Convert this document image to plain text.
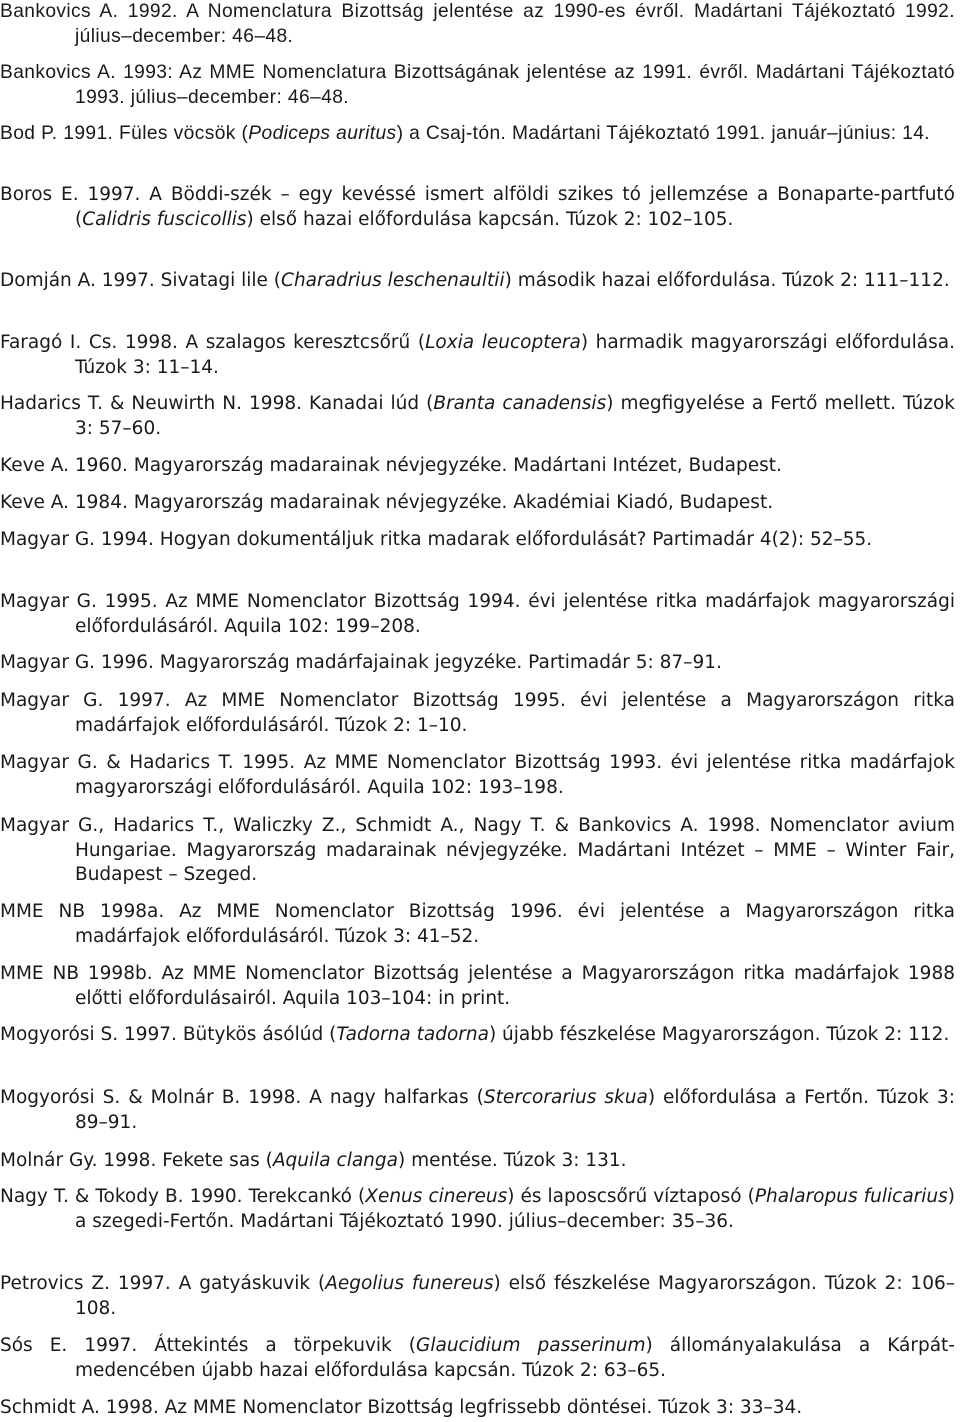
Bankovics A. 1992. A Nomenclatura Bizottság jelentése az 1990-es évről. Madártani Tájékoztató 1992. július–december: 46–48.

Bankovics A. 1993: Az MME Nomenclatura Bizottságának jelentése az 1991. évről. Madártani Tájékoztató 1993. július–december: 46–48.

Bod P. 1991. Füles vöcsök (Podiceps auritus) a Csaj-tón. Madártani Tájékoztató 1991. január–június: 14.

Boros E. 1997. A Böddi-szék – egy kevéssé ismert alföldi szikes tó jellemzése a Bonaparte-partfutó (Calidris fuscicollis) első hazai előfordulása kapcsán. Túzok 2: 102–105.

Domján A. 1997. Sivatagi lile (Charadrius leschenaultii) második hazai előfordulása. Túzok 2: 111–112.

Faragó I. Cs. 1998. A szalagos keresztcsőrű (Loxia leucoptera) harmadik magyarországi előfordulása. Túzok 3: 11–14.

Hadarics T. & Neuwirth N. 1998. Kanadai lúd (Branta canadensis) megfigyelése a Fertő mellett. Túzok 3: 57–60.

Keve A. 1960. Magyarország madarainak névjegyzéke. Madártani Intézet, Budapest.

Keve A. 1984. Magyarország madarainak névjegyzéke. Akadémiai Kiadó, Budapest.

Magyar G. 1994. Hogyan dokumentáljuk ritka madarak előfordulását? Partimadár 4(2): 52–55.

Magyar G. 1995. Az MME Nomenclator Bizottság 1994. évi jelentése ritka madárfajok magyarországi előfordulásáról. Aquila 102: 199–208.

Magyar G. 1996. Magyarország madárfajainak jegyzéke. Partimadár 5: 87–91.

Magyar G. 1997. Az MME Nomenclator Bizottság 1995. évi jelentése a Magyarországon ritka madárfajok előfordulásáról. Túzok 2: 1–10.

Magyar G. & Hadarics T. 1995. Az MME Nomenclator Bizottság 1993. évi jelentése ritka madárfajok magyarországi előfordulásáról. Aquila 102: 193–198.

Magyar G., Hadarics T., Waliczky Z., Schmidt A., Nagy T. & Bankovics A. 1998. Nomenclator avium Hungariae. Magyarország madarainak névjegyzéke. Madártani Intézet – MME – Winter Fair, Budapest – Szeged.

MME NB 1998a. Az MME Nomenclator Bizottság 1996. évi jelentése a Magyarországon ritka madárfajok előfordulásáról. Túzok 3: 41–52.

MME NB 1998b. Az MME Nomenclator Bizottság jelentése a Magyarországon ritka madárfajok 1988 előtti előfordulásairól. Aquila 103–104: in print.

Mogyorósi S. 1997. Bütykös ásólúd (Tadorna tadorna) újabb fészkelése Magyarországon. Túzok 2: 112.

Mogyorósi S. & Molnár B. 1998. A nagy halfarkas (Stercorarius skua) előfordulása a Fertőn. Túzok 3: 89–91.

Molnár Gy. 1998. Fekete sas (Aquila clanga) mentése. Túzok 3: 131.

Nagy T. & Tokody B. 1990. Terekcankó (Xenus cinereus) és laposcsőrű víztaposó (Phalaropus fulicarius) a szegedi-Fertőn. Madártani Tájékoztató 1990. július–december: 35–36.

Petrovics Z. 1997. A gatyáskuvik (Aegolius funereus) első fészkelése Magyarországon. Túzok 2: 106–108.

Sós E. 1997. Áttekintés a törpekuvik (Glaucidium passerinum) állományalakulása a Kárpát-medencében újabb hazai előfordulása kapcsán. Túzok 2: 63–65.

Schmidt A. 1998. Az MME Nomenclator Bizottság legfrissebb döntései. Túzok 3: 33–34.
